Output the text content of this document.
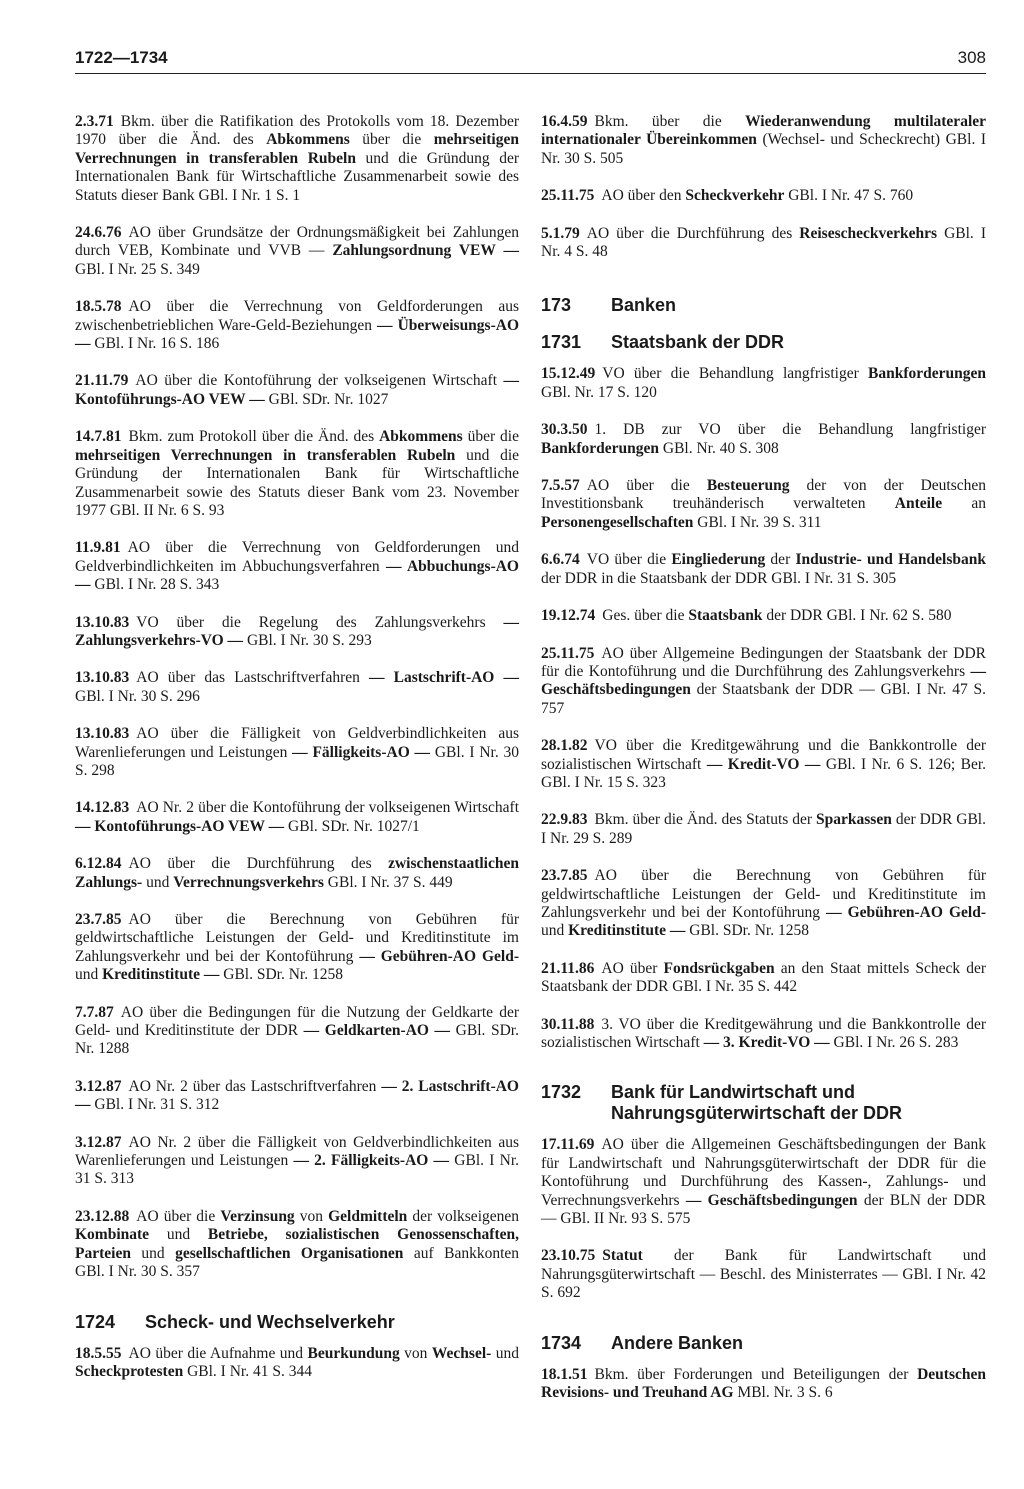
1722—1734	308

2.3.71 Bkm. über die Ratifikation des Protokolls vom 18. Dezember 1970 über die Änd. des Abkommens über die mehrseitigen Verrechnungen in transferablen Rubeln und die Gründung der Internationalen Bank für Wirtschaftliche Zusammenarbeit sowie des Statuts dieser Bank GBl. I Nr. 1 S. 1

24.6.76 AO über Grundsätze der Ordnungsmäßigkeit bei Zahlungen durch VEB, Kombinate und VVB — Zahlungsordnung VEW — GBl. I Nr. 25 S. 349

18.5.78 AO über die Verrechnung von Geldforderungen aus zwischenbetrieblichen Ware-Geld-Beziehungen — Überweisungs-AO — GBl. I Nr. 16 S. 186

21.11.79 AO über die Kontoführung der volkseigenen Wirtschaft — Kontoführungs-AO VEW — GBl. SDr. Nr. 1027

14.7.81 Bkm. zum Protokoll über die Änd. des Abkommens über die mehrseitigen Verrechnungen in transferablen Rubeln und die Gründung der Internationalen Bank für Wirtschaftliche Zusammenarbeit sowie des Statuts dieser Bank vom 23. November 1977 GBl. II Nr. 6 S. 93

11.9.81 AO über die Verrechnung von Geldforderungen und Geldverbindlichkeiten im Abbuchungsverfahren — Abbuchungs-AO — GBl. I Nr. 28 S. 343

13.10.83 VO über die Regelung des Zahlungsverkehrs — Zahlungsverkehrs-VO — GBl. I Nr. 30 S. 293

13.10.83 AO über das Lastschriftverfahren — Lastschrift-AO — GBl. I Nr. 30 S. 296

13.10.83 AO über die Fälligkeit von Geldverbindlichkeiten aus Warenlieferungen und Leistungen — Fälligkeits-AO — GBl. I Nr. 30 S. 298

14.12.83 AO Nr. 2 über die Kontoführung der volkseigenen Wirtschaft — Kontoführungs-AO VEW — GBl. SDr. Nr. 1027/1

6.12.84 AO über die Durchführung des zwischenstaatlichen Zahlungs- und Verrechnungsverkehrs GBl. I Nr. 37 S. 449

23.7.85 AO über die Berechnung von Gebühren für geldwirtschaftliche Leistungen der Geld- und Kreditinstitute im Zahlungsverkehr und bei der Kontoführung — Gebühren-AO Geld- und Kreditinstitute — GBl. SDr. Nr. 1258

7.7.87 AO über die Bedingungen für die Nutzung der Geldkarte der Geld- und Kreditinstitute der DDR — Geldkarten-AO — GBl. SDr. Nr. 1288

3.12.87 AO Nr. 2 über das Lastschriftverfahren — 2. Lastschrift-AO — GBl. I Nr. 31 S. 312

3.12.87 AO Nr. 2 über die Fälligkeit von Geldverbindlichkeiten aus Warenlieferungen und Leistungen — 2. Fälligkeits-AO — GBl. I Nr. 31 S. 313

23.12.88 AO über die Verzinsung von Geldmitteln der volkseigenen Kombinate und Betriebe, sozialistischen Genossenschaften, Parteien und gesellschaftlichen Organisationen auf Bankkonten GBl. I Nr. 30 S. 357

1724	Scheck- und Wechselverkehr

18.5.55 AO über die Aufnahme und Beurkundung von Wechsel- und Scheckprotesten GBl. I Nr. 41 S. 344

16.4.59 Bkm. über die Wiederanwendung multilateraler internationaler Übereinkommen (Wechsel- und Scheckrecht) GBl. I Nr. 30 S. 505

25.11.75 AO über den Scheckverkehr GBl. I Nr. 47 S. 760

5.1.79 AO über die Durchführung des Reisescheckverkehrs GBl. I Nr. 4 S. 48

173	Banken
1731	Staatsbank der DDR

15.12.49 VO über die Behandlung langfristiger Bankforderungen GBl. Nr. 17 S. 120

30.3.50 1. DB zur VO über die Behandlung langfristiger Bankforderungen GBl. Nr. 40 S. 308

7.5.57 AO über die Besteuerung der von der Deutschen Investitionsbank treuhänderisch verwalteten Anteile an Personengesellschaften GBl. I Nr. 39 S. 311

6.6.74 VO über die Eingliederung der Industrie- und Handelsbank der DDR in die Staatsbank der DDR GBl. I Nr. 31 S. 305

19.12.74 Ges. über die Staatsbank der DDR GBl. I Nr. 62 S. 580

25.11.75 AO über Allgemeine Bedingungen der Staatsbank der DDR für die Kontoführung und die Durchführung des Zahlungsverkehrs — Geschäftsbedingungen der Staatsbank der DDR — GBl. I Nr. 47 S. 757

28.1.82 VO über die Kreditgewährung und die Bankkontrolle der sozialistischen Wirtschaft — Kredit-VO — GBl. I Nr. 6 S. 126; Ber. GBl. I Nr. 15 S. 323

22.9.83 Bkm. über die Änd. des Statuts der Sparkassen der DDR GBl. I Nr. 29 S. 289

23.7.85 AO über die Berechnung von Gebühren für geldwirtschaftliche Leistungen der Geld- und Kreditinstitute im Zahlungsverkehr und bei der Kontoführung — Gebühren-AO Geld- und Kreditinstitute — GBl. SDr. Nr. 1258

21.11.86 AO über Fondsrückgaben an den Staat mittels Scheck der Staatsbank der DDR GBl. I Nr. 35 S. 442

30.11.88 3. VO über die Kreditgewährung und die Bankkontrolle der sozialistischen Wirtschaft — 3. Kredit-VO — GBl. I Nr. 26 S. 283

1732	Bank für Landwirtschaft und Nahrungsgüterwirtschaft der DDR

17.11.69 AO über die Allgemeinen Geschäftsbedingungen der Bank für Landwirtschaft und Nahrungsgüterwirtschaft der DDR für die Kontoführung und Durchführung des Kassen-, Zahlungs- und Verrechnungsverkehrs — Geschäftsbedingungen der BLN der DDR — GBl. II Nr. 93 S. 575

23.10.75 Statut der Bank für Landwirtschaft und Nahrungsgüterwirtschaft — Beschl. des Ministerrates — GBl. I Nr. 42 S. 692

1734	Andere Banken

18.1.51 Bkm. über Forderungen und Beteiligungen der Deutschen Revisions- und Treuhand AG MBl. Nr. 3 S. 6
